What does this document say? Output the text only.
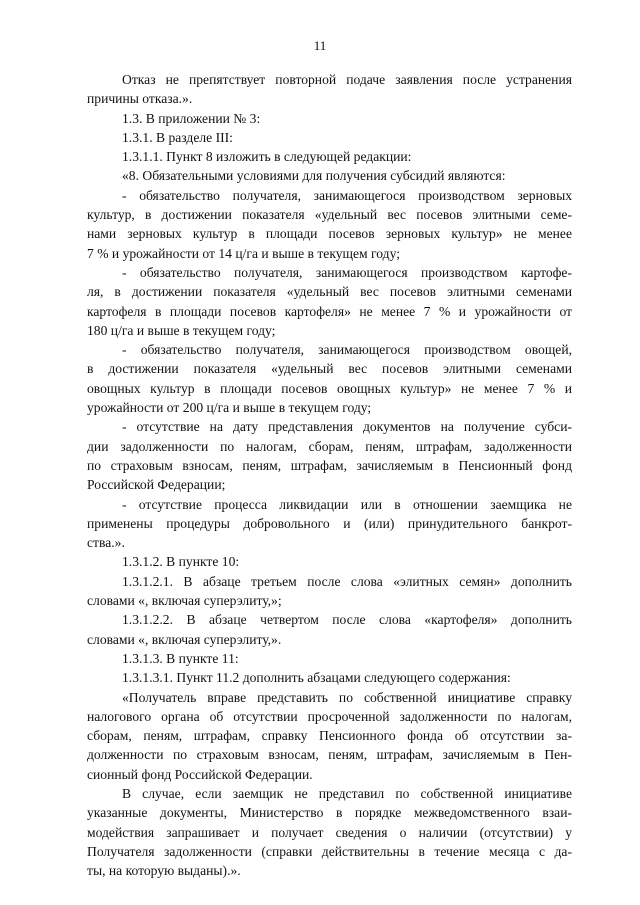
11
Отказ не препятствует повторной подаче заявления после устранения
причины отказа.».
1.3. В приложении № 3:
1.3.1. В разделе III:
1.3.1.1. Пункт 8 изложить в следующей редакции:
«8. Обязательными условиями для получения субсидий являются:
- обязательство получателя, занимающегося производством зерновых
культур, в достижении показателя «удельный вес посевов элитными семе-
нами зерновых культур в площади посевов зерновых культур» не менее
7 % и урожайности от 14 ц/га и выше в текущем году;
- обязательство получателя, занимающегося производством картофе-
ля, в достижении показателя «удельный вес посевов элитными семенами
картофеля в площади посевов картофеля» не менее 7 % и урожайности от
180 ц/га и выше в текущем году;
- обязательство получателя, занимающегося производством овощей,
в достижении показателя «удельный вес посевов элитными семенами
овощных культур в площади посевов овощных культур» не менее 7 % и
урожайности от 200 ц/га и выше в текущем году;
- отсутствие на дату представления документов на получение субси-
дии задолженности по налогам, сборам, пеням, штрафам, задолженности
по страховым взносам, пеням, штрафам, зачисляемым в Пенсионный фонд
Российской Федерации;
- отсутствие процесса ликвидации или в отношении заемщика не
применены процедуры добровольного и (или) принудительного банкрот-
ства.».
1.3.1.2. В пункте 10:
1.3.1.2.1. В абзаце третьем после слова «элитных семян» дополнить
словами «, включая суперэлиту,»;
1.3.1.2.2. В абзаце четвертом после слова «картофеля» дополнить
словами «, включая суперэлиту,».
1.3.1.3. В пункте 11:
1.3.1.3.1. Пункт 11.2 дополнить абзацами следующего содержания:
«Получатель вправе представить по собственной инициативе справку
налогового органа об отсутствии просроченной задолженности по налогам,
сборам, пеням, штрафам, справку Пенсионного фонда об отсутствии за-
долженности по страховым взносам, пеням, штрафам, зачисляемым в Пен-
сионный фонд Российской Федерации.
В случае, если заемщик не представил по собственной инициативе
указанные документы, Министерство в порядке межведомственного взаи-
модействия запрашивает и получает сведения о наличии (отсутствии) у
Получателя задолженности (справки действительны в течение месяца с да-
ты, на которую выданы).».
